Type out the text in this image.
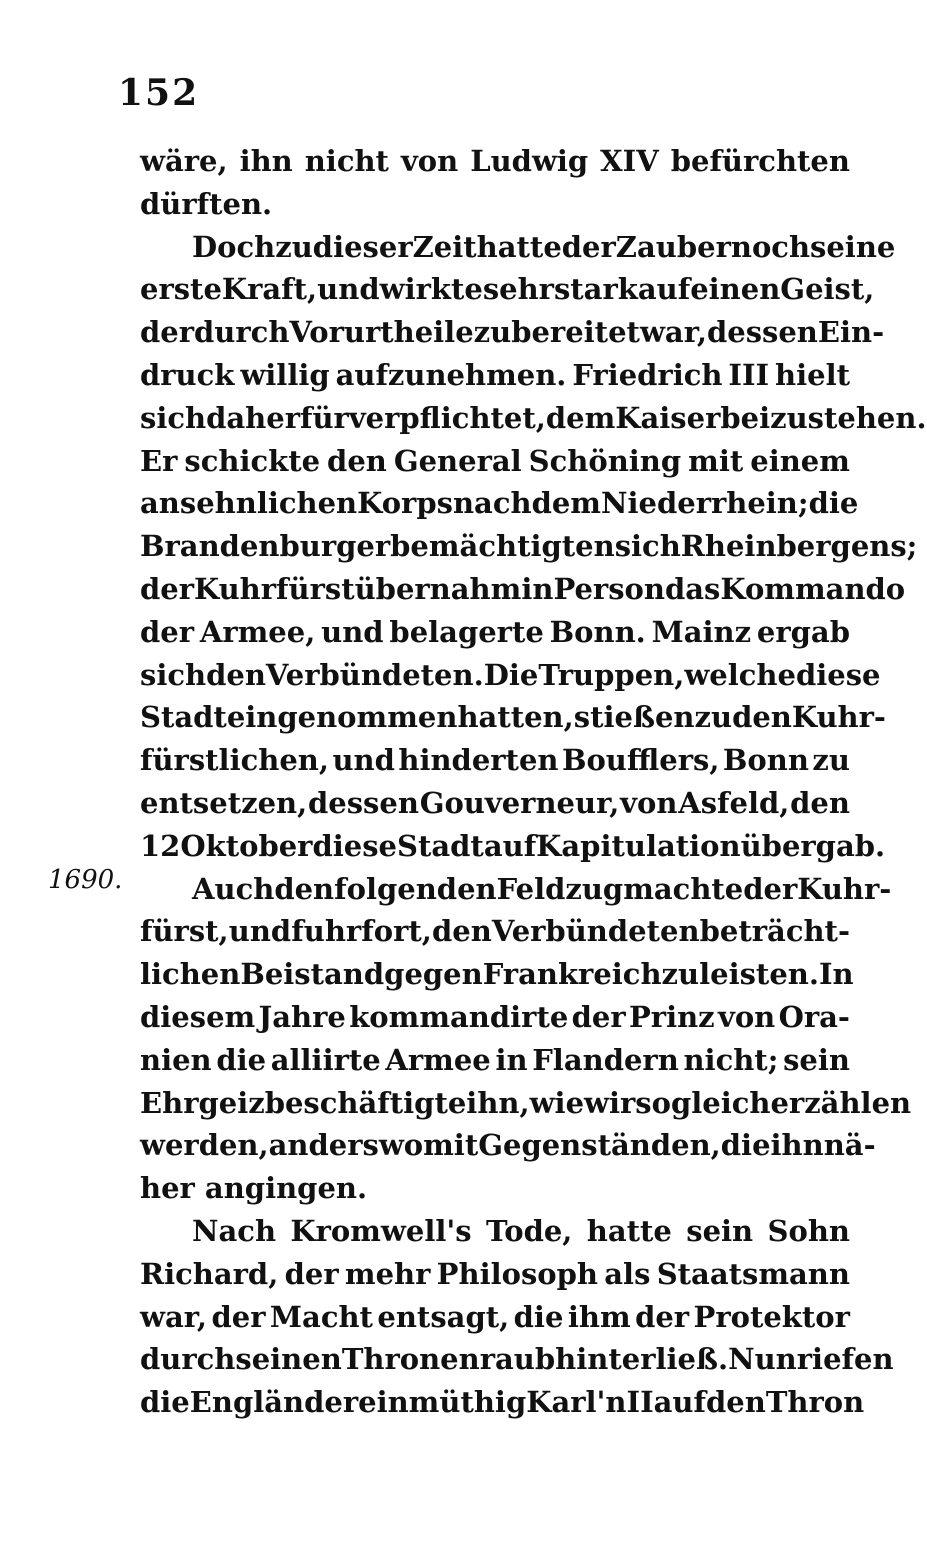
152
1690.
wäre, ihn nicht von Ludwig XIV befürchten
dürften.
Doch zu dieser Zeit hatte der Zauber noch seine
erste Kraft, und wirkte sehr stark auf einen Geist,
der durch Vorurtheile zubereitet war, dessen Ein-
druck willig aufzunehmen. Friedrich III hielt
sich daher für verpflichtet, dem Kaiser beizustehen.
Er schickte den General Schöning mit einem
ansehnlichen Korps nach dem Niederrhein; die
Brandenburger bemächtigten sich Rheinbergens;
der Kuhrfürst übernahm in Person das Kommando
der Armee, und belagerte Bonn. Mainz ergab
sich den Verbündeten. Die Truppen, welche diese
Stadt eingenommen hatten, stießen zu den Kuhr-
fürstlichen, und hinderten Boufflers, Bonn zu
entsetzen, dessen Gouverneur, von Asfeld, den
12 Oktober diese Stadt auf Kapitulation übergab.
Auch den folgenden Feldzug machte der Kuhr-
fürst, und fuhr fort, den Verbündeten beträcht-
lichen Beistand gegen Frankreich zu leisten. In
diesem Jahre kommandirte der Prinz von Ora-
nien die alliirte Armee in Flandern nicht; sein
Ehrgeiz beschäftigte ihn, wie wir sogleich erzählen
werden, anderswo mit Gegenständen, die ihn nä-
her angingen.
Nach Kromwell's Tode, hatte sein Sohn
Richard, der mehr Philosoph als Staatsmann
war, der Macht entsagt, die ihm der Protektor
durch seinen Thronenraub hinterließ. Nun riefen
die Engländer einmüthig Karl'n II auf den Thron
